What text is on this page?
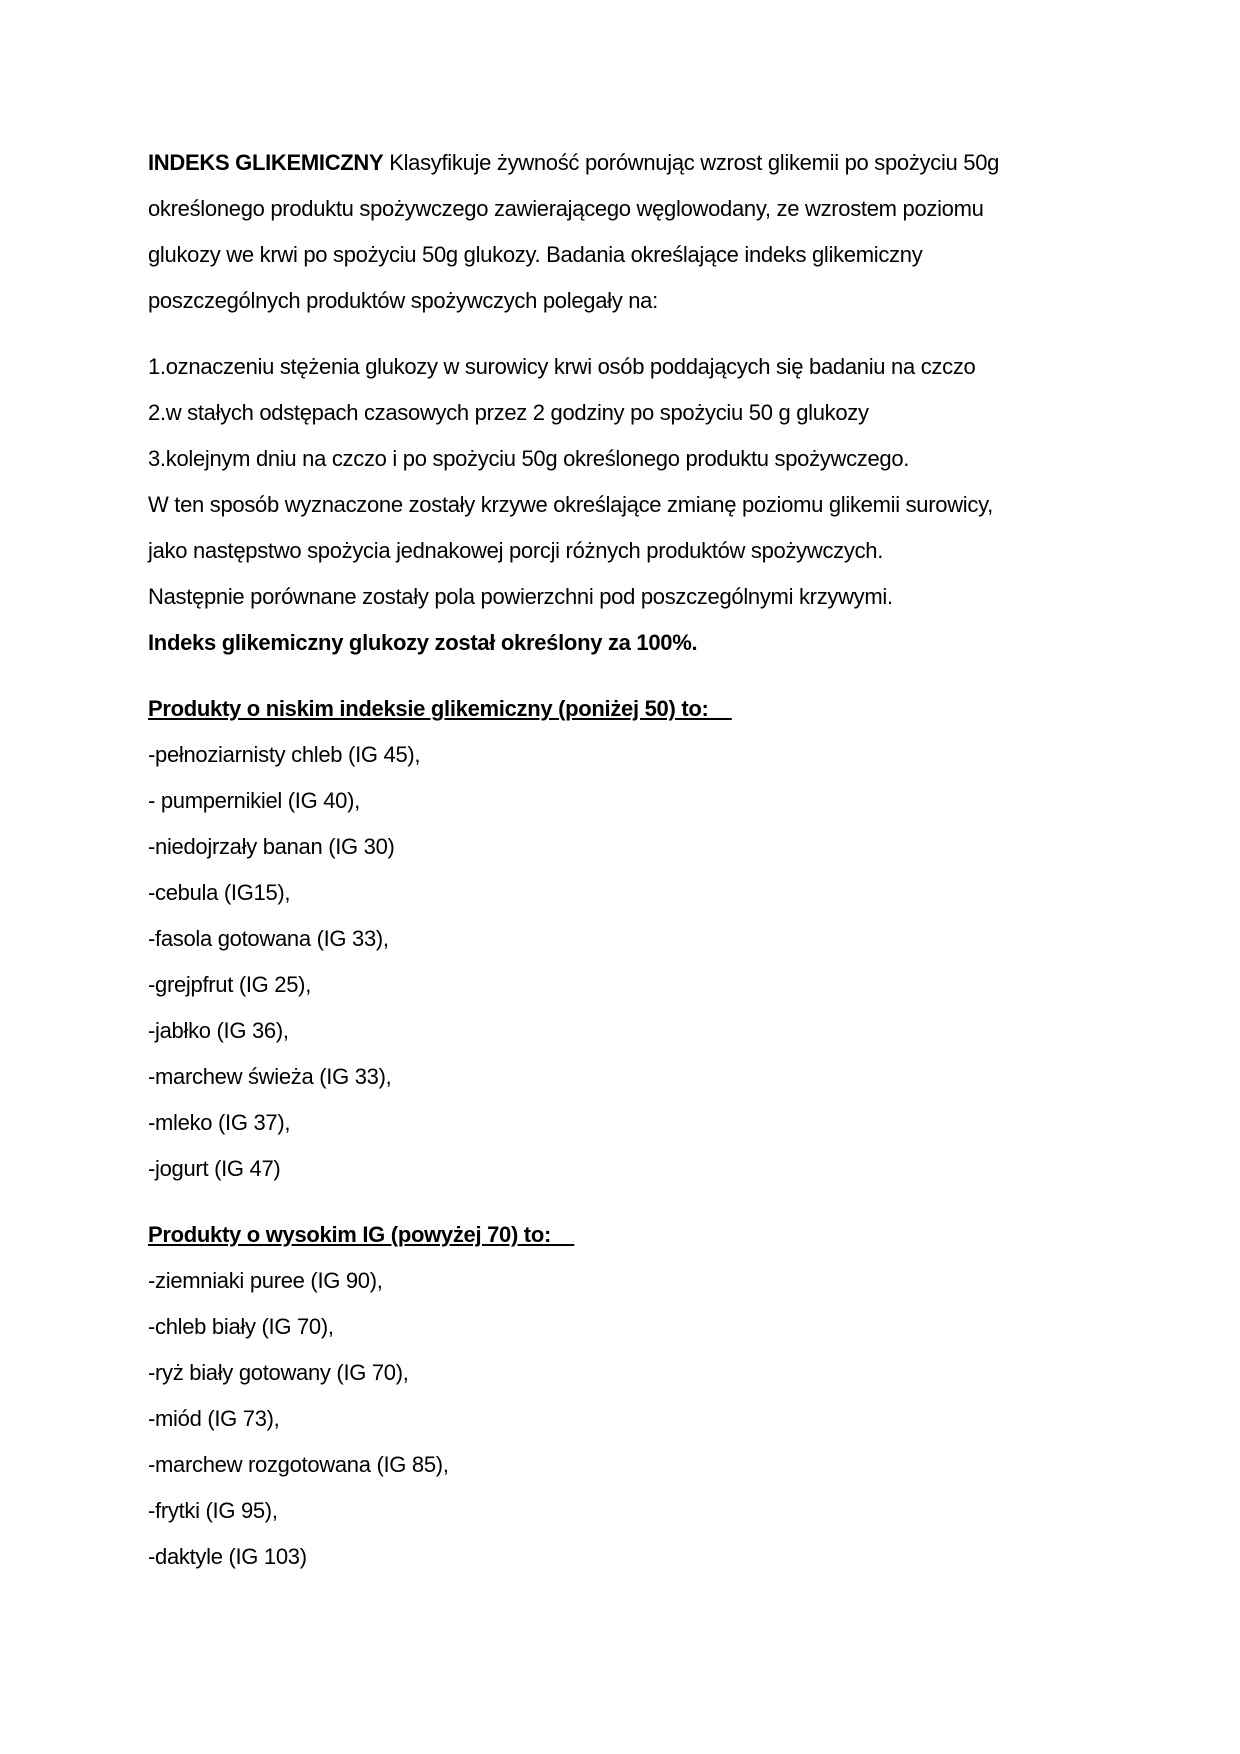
INDEKS GLIKEMICZNY Klasyfikuje żywność porównując wzrost glikemii po spożyciu 50g
określonego produktu spożywczego zawierającego węglowodany, ze wzrostem poziomu
glukozy we krwi po spożyciu 50g glukozy. Badania określające indeks glikemiczny
poszczególnych produktów spożywczych polegały na:
1.oznaczeniu stężenia glukozy w surowicy krwi osób poddających się badaniu na czczo
2.w stałych odstępach czasowych przez 2 godziny po spożyciu 50 g glukozy
3.kolejnym dniu na czczo i po spożyciu 50g określonego produktu spożywczego.
W ten sposób wyznaczone zostały krzywe określające zmianę poziomu glikemii surowicy,
jako następstwo spożycia jednakowej porcji różnych produktów spożywczych.
Następnie porównane zostały pola powierzchni pod poszczególnymi krzywymi.
Indeks glikemiczny glukozy został określony za 100%.
Produkty o niskim indeksie glikemiczny (poniżej 50) to:
-pełnoziarnisty chleb (IG 45),
- pumpernikiel (IG 40),
-niedojrzały banan (IG 30)
-cebula (IG15),
-fasola gotowana (IG 33),
-grejpfrut (IG 25),
-jabłko (IG 36),
-marchew świeża (IG 33),
-mleko (IG 37),
-jogurt (IG 47)
Produkty o wysokim IG (powyżej 70) to:
-ziemniaki puree (IG 90),
-chleb biały (IG 70),
-ryż biały gotowany (IG 70),
-miód (IG 73),
-marchew rozgotowana (IG 85),
-frytki (IG 95),
-daktyle (IG 103)
